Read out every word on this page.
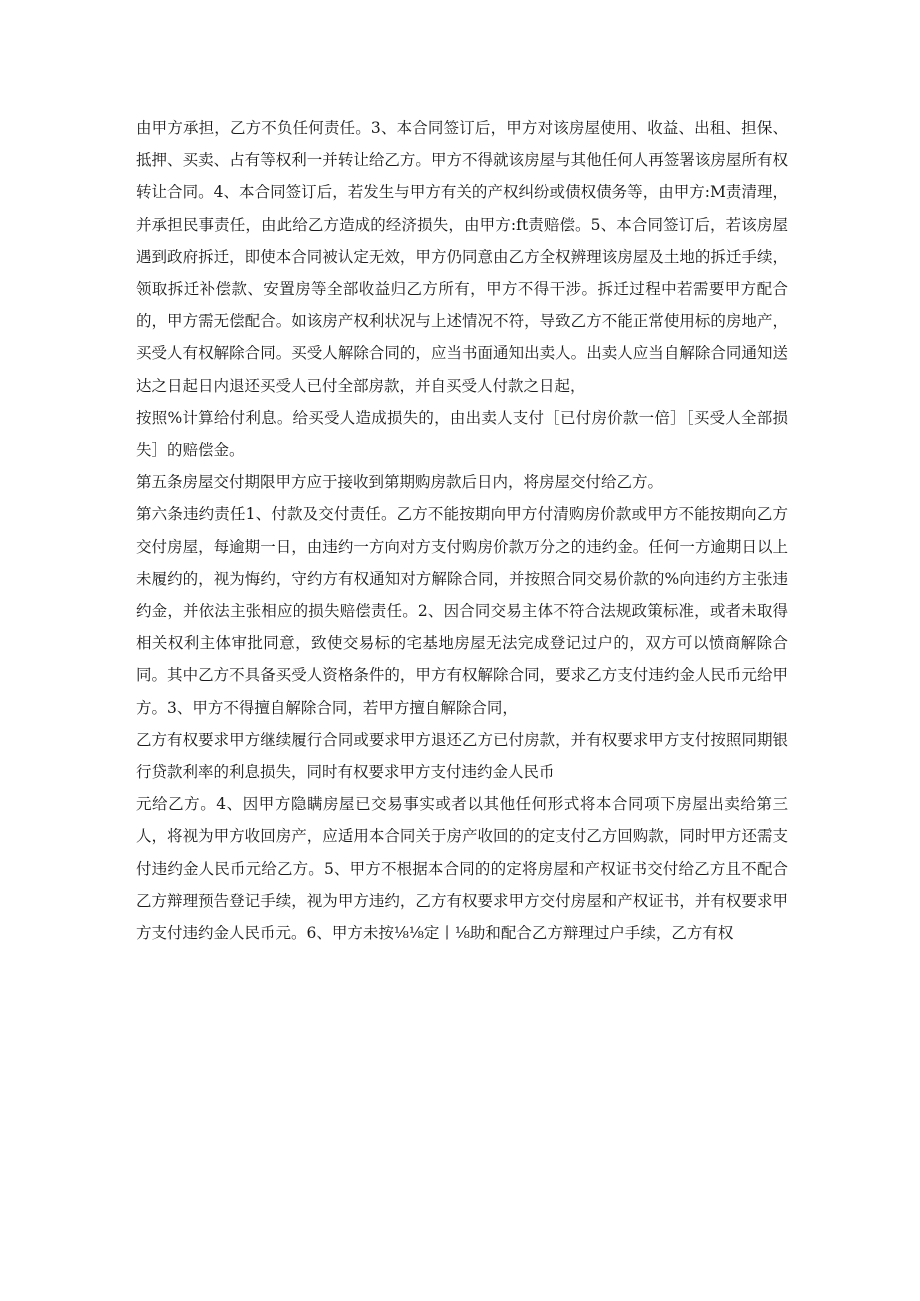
由甲方承担，乙方不负任何责任。3、本合同签订后，甲方对该房屋使用、收益、出租、担保、抵押、买卖、占有等权利一并转让给乙方。甲方不得就该房屋与其他任何人再签署该房屋所有权转让合同。4、本合同签订后，若发生与甲方有关的产权纠纷或债权债务等，由甲方:M责清理，并承担民事责任，由此给乙方造成的经济损失，由甲方:ft责赔偿。5、本合同签订后，若该房屋遇到政府拆迁，即使本合同被认定无效，甲方仍同意由乙方全权辨理该房屋及土地的拆迁手续，领取拆迁补偿款、安置房等全部收益归乙方所有，甲方不得干涉。拆迁过程中若需要甲方配合的，甲方需无偿配合。如该房产权利状况与上述情况不符，导致乙方不能正常使用标的房地产，买受人有权解除合同。买受人解除合同的，应当书面通知出卖人。出卖人应当自解除合同通知送达之日起日内退还买受人已付全部房款，并自买受人付款之日起，

按照%计算给付利息。给买受人造成损失的，由出卖人支付［已付房价款一倍］［买受人全部损失］的赔偿金。

第五条房屋交付期限甲方应于接收到第期购房款后日内，将房屋交付给乙方。

第六条违约责任1、付款及交付责任。乙方不能按期向甲方付清购房价款或甲方不能按期向乙方交付房屋，每逾期一日，由违约一方向对方支付购房价款万分之的违约金。任何一方逾期日以上未履约的，视为悔约，守约方有权通知对方解除合同，并按照合同交易价款的%向违约方主张违约金，并依法主张相应的损失赔偿责任。2、因合同交易主体不符合法规政策标准，或者未取得相关权利主体审批同意，致使交易标的宅基地房屋无法完成登记过户的，双方可以愤商解除合同。其中乙方不具备买受人资格条件的，甲方有权解除合同，要求乙方支付违约金人民币元给甲方。3、甲方不得擅自解除合同，若甲方擅自解除合同，

乙方有权要求甲方继续履行合同或要求甲方退还乙方已付房款，并有权要求甲方支付按照同期银行贷款利率的利息损失，同时有权要求甲方支付违约金人民币

元给乙方。4、因甲方隐瞒房屋已交易事实或者以其他任何形式将本合同项下房屋出卖给第三人，将视为甲方收回房产，应适用本合同关于房产收回的的定支付乙方回购款，同时甲方还需支付违约金人民币元给乙方。5、甲方不根据本合同的的定将房屋和产权证书交付给乙方且不配合乙方辩理预告登记手续，视为甲方违约，乙方有权要求甲方交付房屋和产权证书，并有权要求甲方支付违约金人民币元。6、甲方未按⅛⅛定丨⅛助和配合乙方辩理过户手续，乙方有权
